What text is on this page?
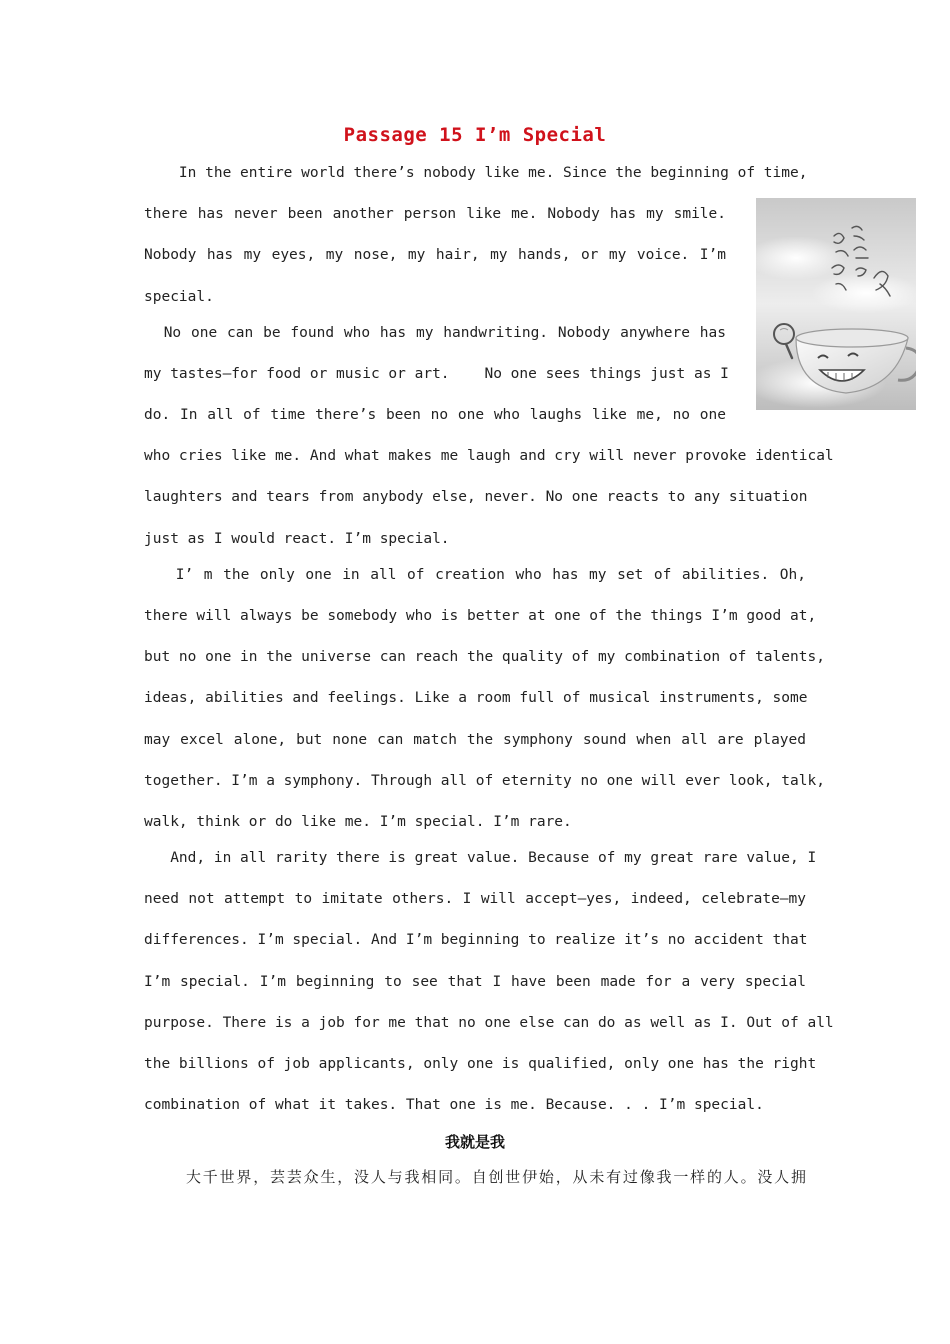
Passage 15 I’m Special
In the entire world there’s nobody like me. Since the beginning of time,
there has never been another person like me. Nobody has my smile.
Nobody has my eyes, my nose, my hair, my hands, or my voice. I’m
special.
No one can be found who has my handwriting. Nobody anywhere has
my tastes—for food or music or art.    No one sees things just as I
do. In all of time there’s been no one who laughs like me, no one
who cries like me. And what makes me laugh and cry will never provoke identical
laughters and tears from anybody else, never. No one reacts to any situation
just as I would react. I’m special.
I’ m the only one in all of creation who has my set of abilities. Oh,
there will always be somebody who is better at one of the things I’m good at,
but no one in the universe can reach the quality of my combination of talents,
ideas, abilities and feelings. Like a room full of musical instruments, some
may excel alone, but none can match the symphony sound when all are played
together. I’m a symphony. Through all of eternity no one will ever look, talk,
walk, think or do like me. I’m special. I’m rare.
And, in all rarity there is great value. Because of my great rare value, I
need not attempt to imitate others. I will accept—yes, indeed, celebrate—my
differences. I’m special. And I’m beginning to realize it’s no accident that
I’m special. I’m beginning to see that I have been made for a very special
purpose. There is a job for me that no one else can do as well as I. Out of all
the billions of job applicants, only one is qualified, only one has the right
combination of what it takes. That one is me. Because. . . I’m special.
我就是我
大千世界，芸芸众生，没人与我相同。自创世伊始，从未有过像我一样的人。没人拥
